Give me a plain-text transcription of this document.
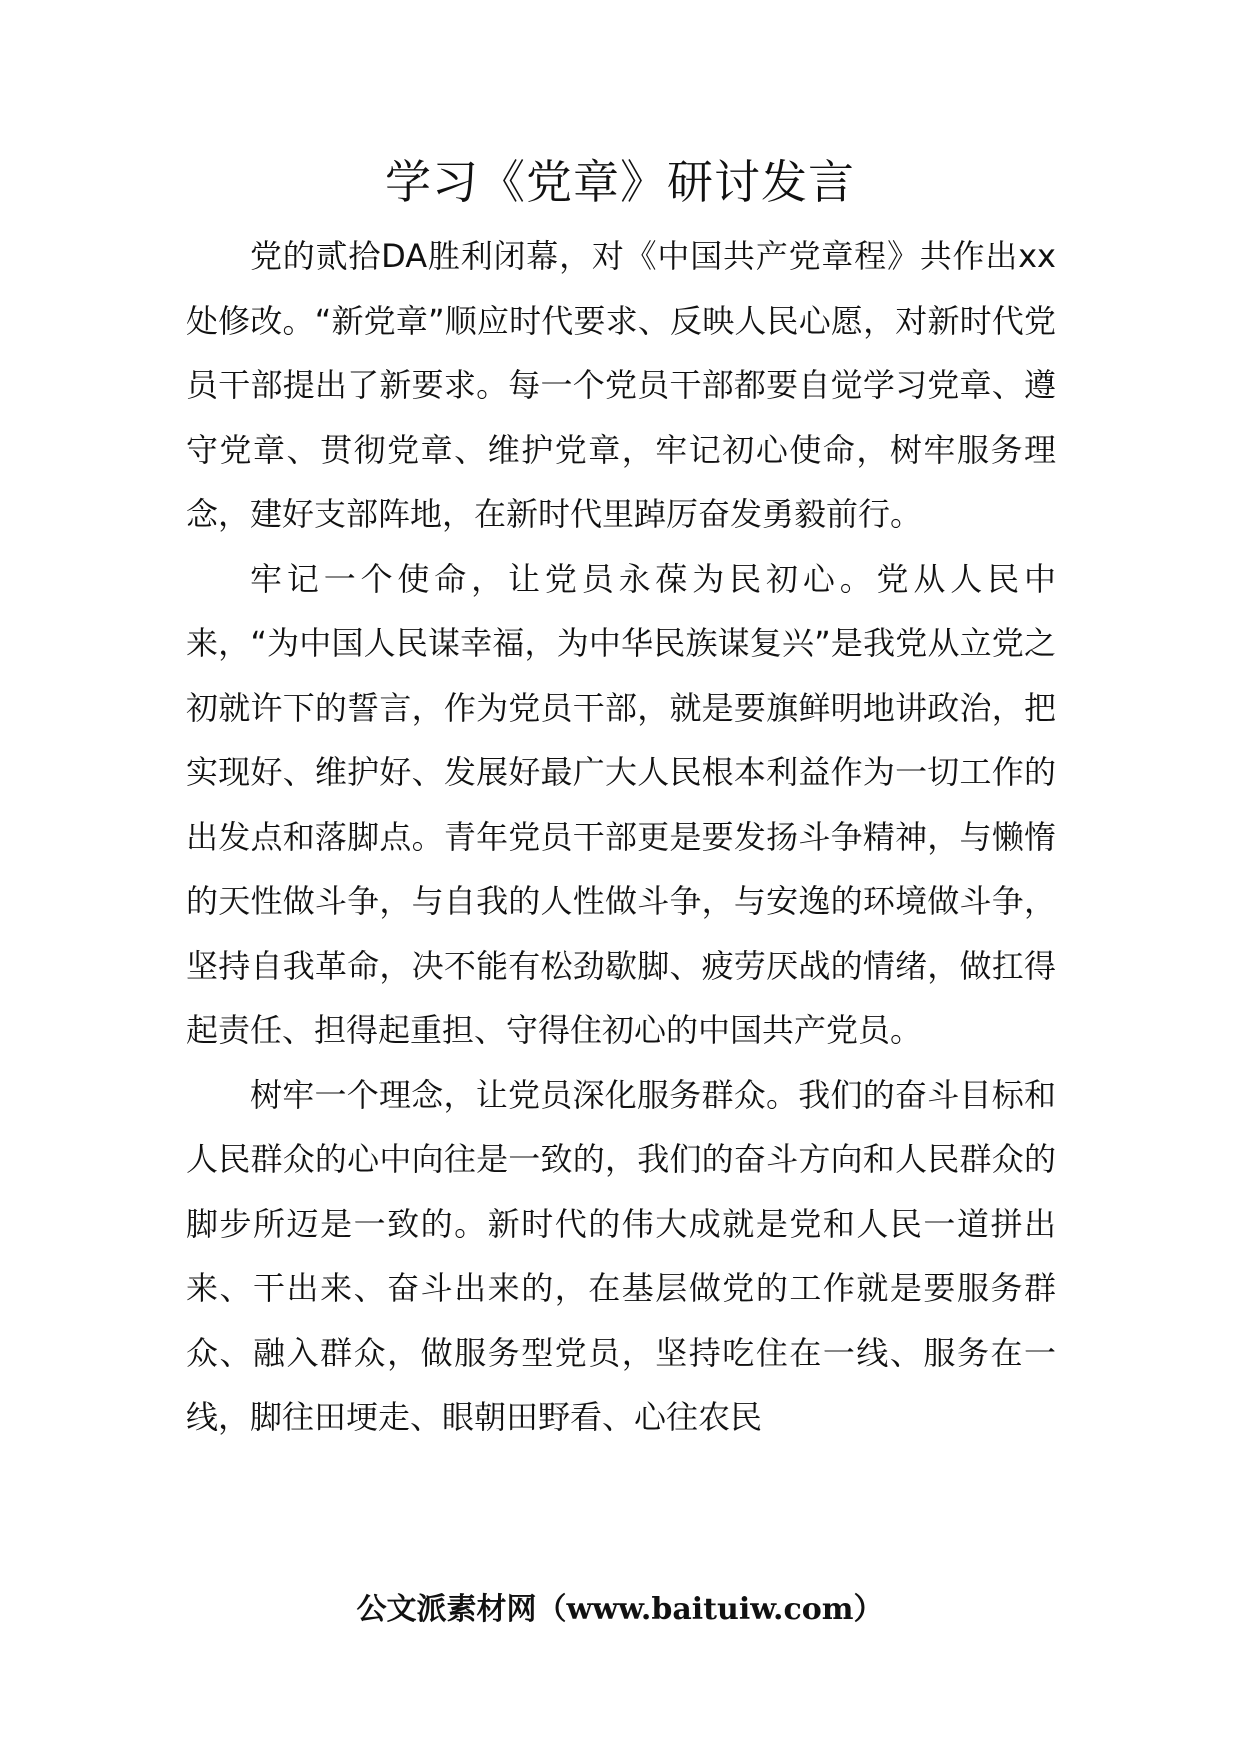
学习《党章》研讨发言

党的贰拾DA胜利闭幕，对《中国共产党章程》共作出xx处修改。“新党章”顺应时代要求、反映人民心愿，对新时代党员干部提出了新要求。每一个党员干部都要自觉学习党章、遵守党章、贯彻党章、维护党章，牢记初心使命，树牢服务理念，建好支部阵地，在新时代里踔厉奋发勇毅前行。

牢记一个使命，让党员永葆为民初心。党从人民中来，“为中国人民谋幸福，为中华民族谋复兴”是我党从立党之初就许下的誓言，作为党员干部，就是要旗鲜明地讲政治，把实现好、维护好、发展好最广大人民根本利益作为一切工作的出发点和落脚点。青年党员干部更是要发扬斗争精神，与懒惰的天性做斗争，与自我的人性做斗争，与安逸的环境做斗争，坚持自我革命，决不能有松劲歇脚、疲劳厌战的情绪，做扛得起责任、担得起重担、守得住初心的中国共产党员。

树牢一个理念，让党员深化服务群众。我们的奋斗目标和人民群众的心中向往是一致的，我们的奋斗方向和人民群众的脚步所迈是一致的。新时代的伟大成就是党和人民一道拼出来、干出来、奋斗出来的，在基层做党的工作就是要服务群众、融入群众，做服务型党员，坚持吃住在一线、服务在一线，脚往田埂走、眼朝田野看、心往农民

公文派素材网（www.baituiw.com）
